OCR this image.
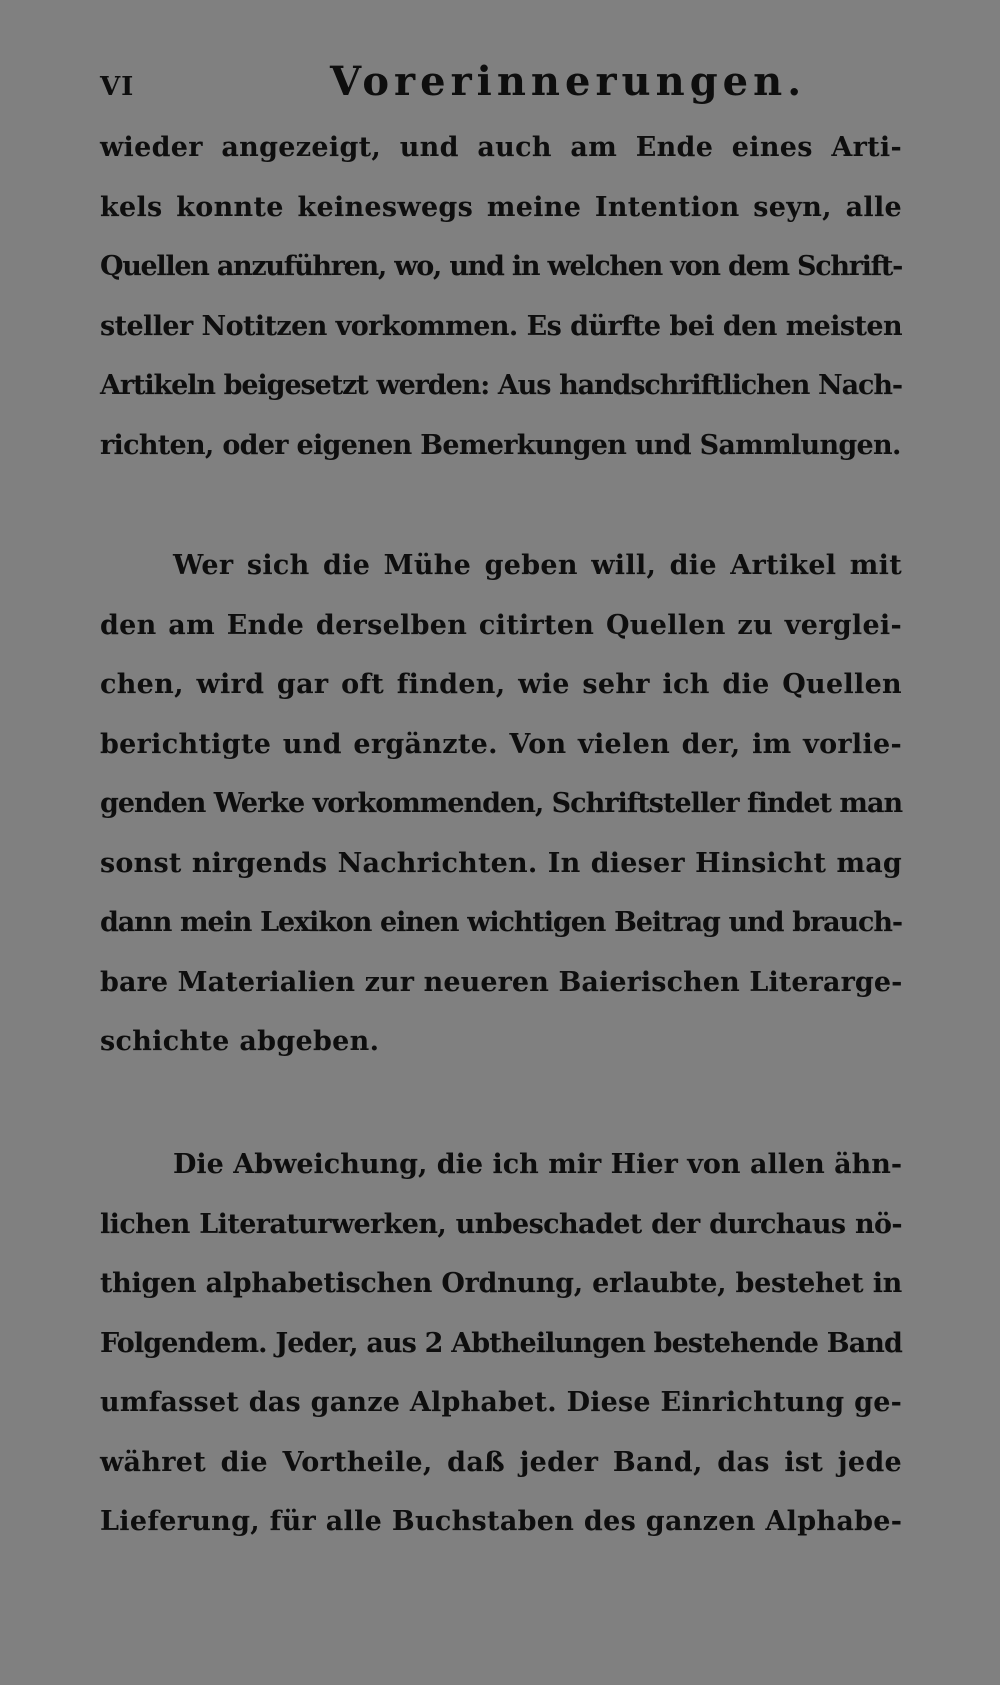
VI	Vorerinnerungen.
wieder angezeigt, und auch am Ende eines Arti-
kels konnte keineswegs meine Intention seyn, alle
Quellen anzuführen, wo, und in welchen von dem Schrift-
steller Notitzen vorkommen. Es dürfte bei den meisten
Artikeln beigesetzt werden: Aus handschriftlichen Nach-
richten, oder eigenen Bemerkungen und Sammlungen.
Wer sich die Mühe geben will, die Artikel mit
den am Ende derselben citirten Quellen zu verglei-
chen, wird gar oft finden, wie sehr ich die Quellen
berichtigte und ergänzte. Von vielen der, im vorlie-
genden Werke vorkommenden, Schriftsteller findet man
sonst nirgends Nachrichten. In dieser Hinsicht mag
dann mein Lexikon einen wichtigen Beitrag und brauch-
bare Materialien zur neueren Baierischen Literarge-
schichte abgeben.
Die Abweichung, die ich mir Hier von allen ähn-
lichen Literaturwerken, unbeschadet der durchaus nö-
thigen alphabetischen Ordnung, erlaubte, bestehet in
Folgendem. Jeder, aus 2 Abtheilungen bestehende Band
umfasset das ganze Alphabet. Diese Einrichtung ge-
währet die Vortheile, daß jeder Band, das ist jede
Lieferung, für alle Buchstaben des ganzen Alphabe-
